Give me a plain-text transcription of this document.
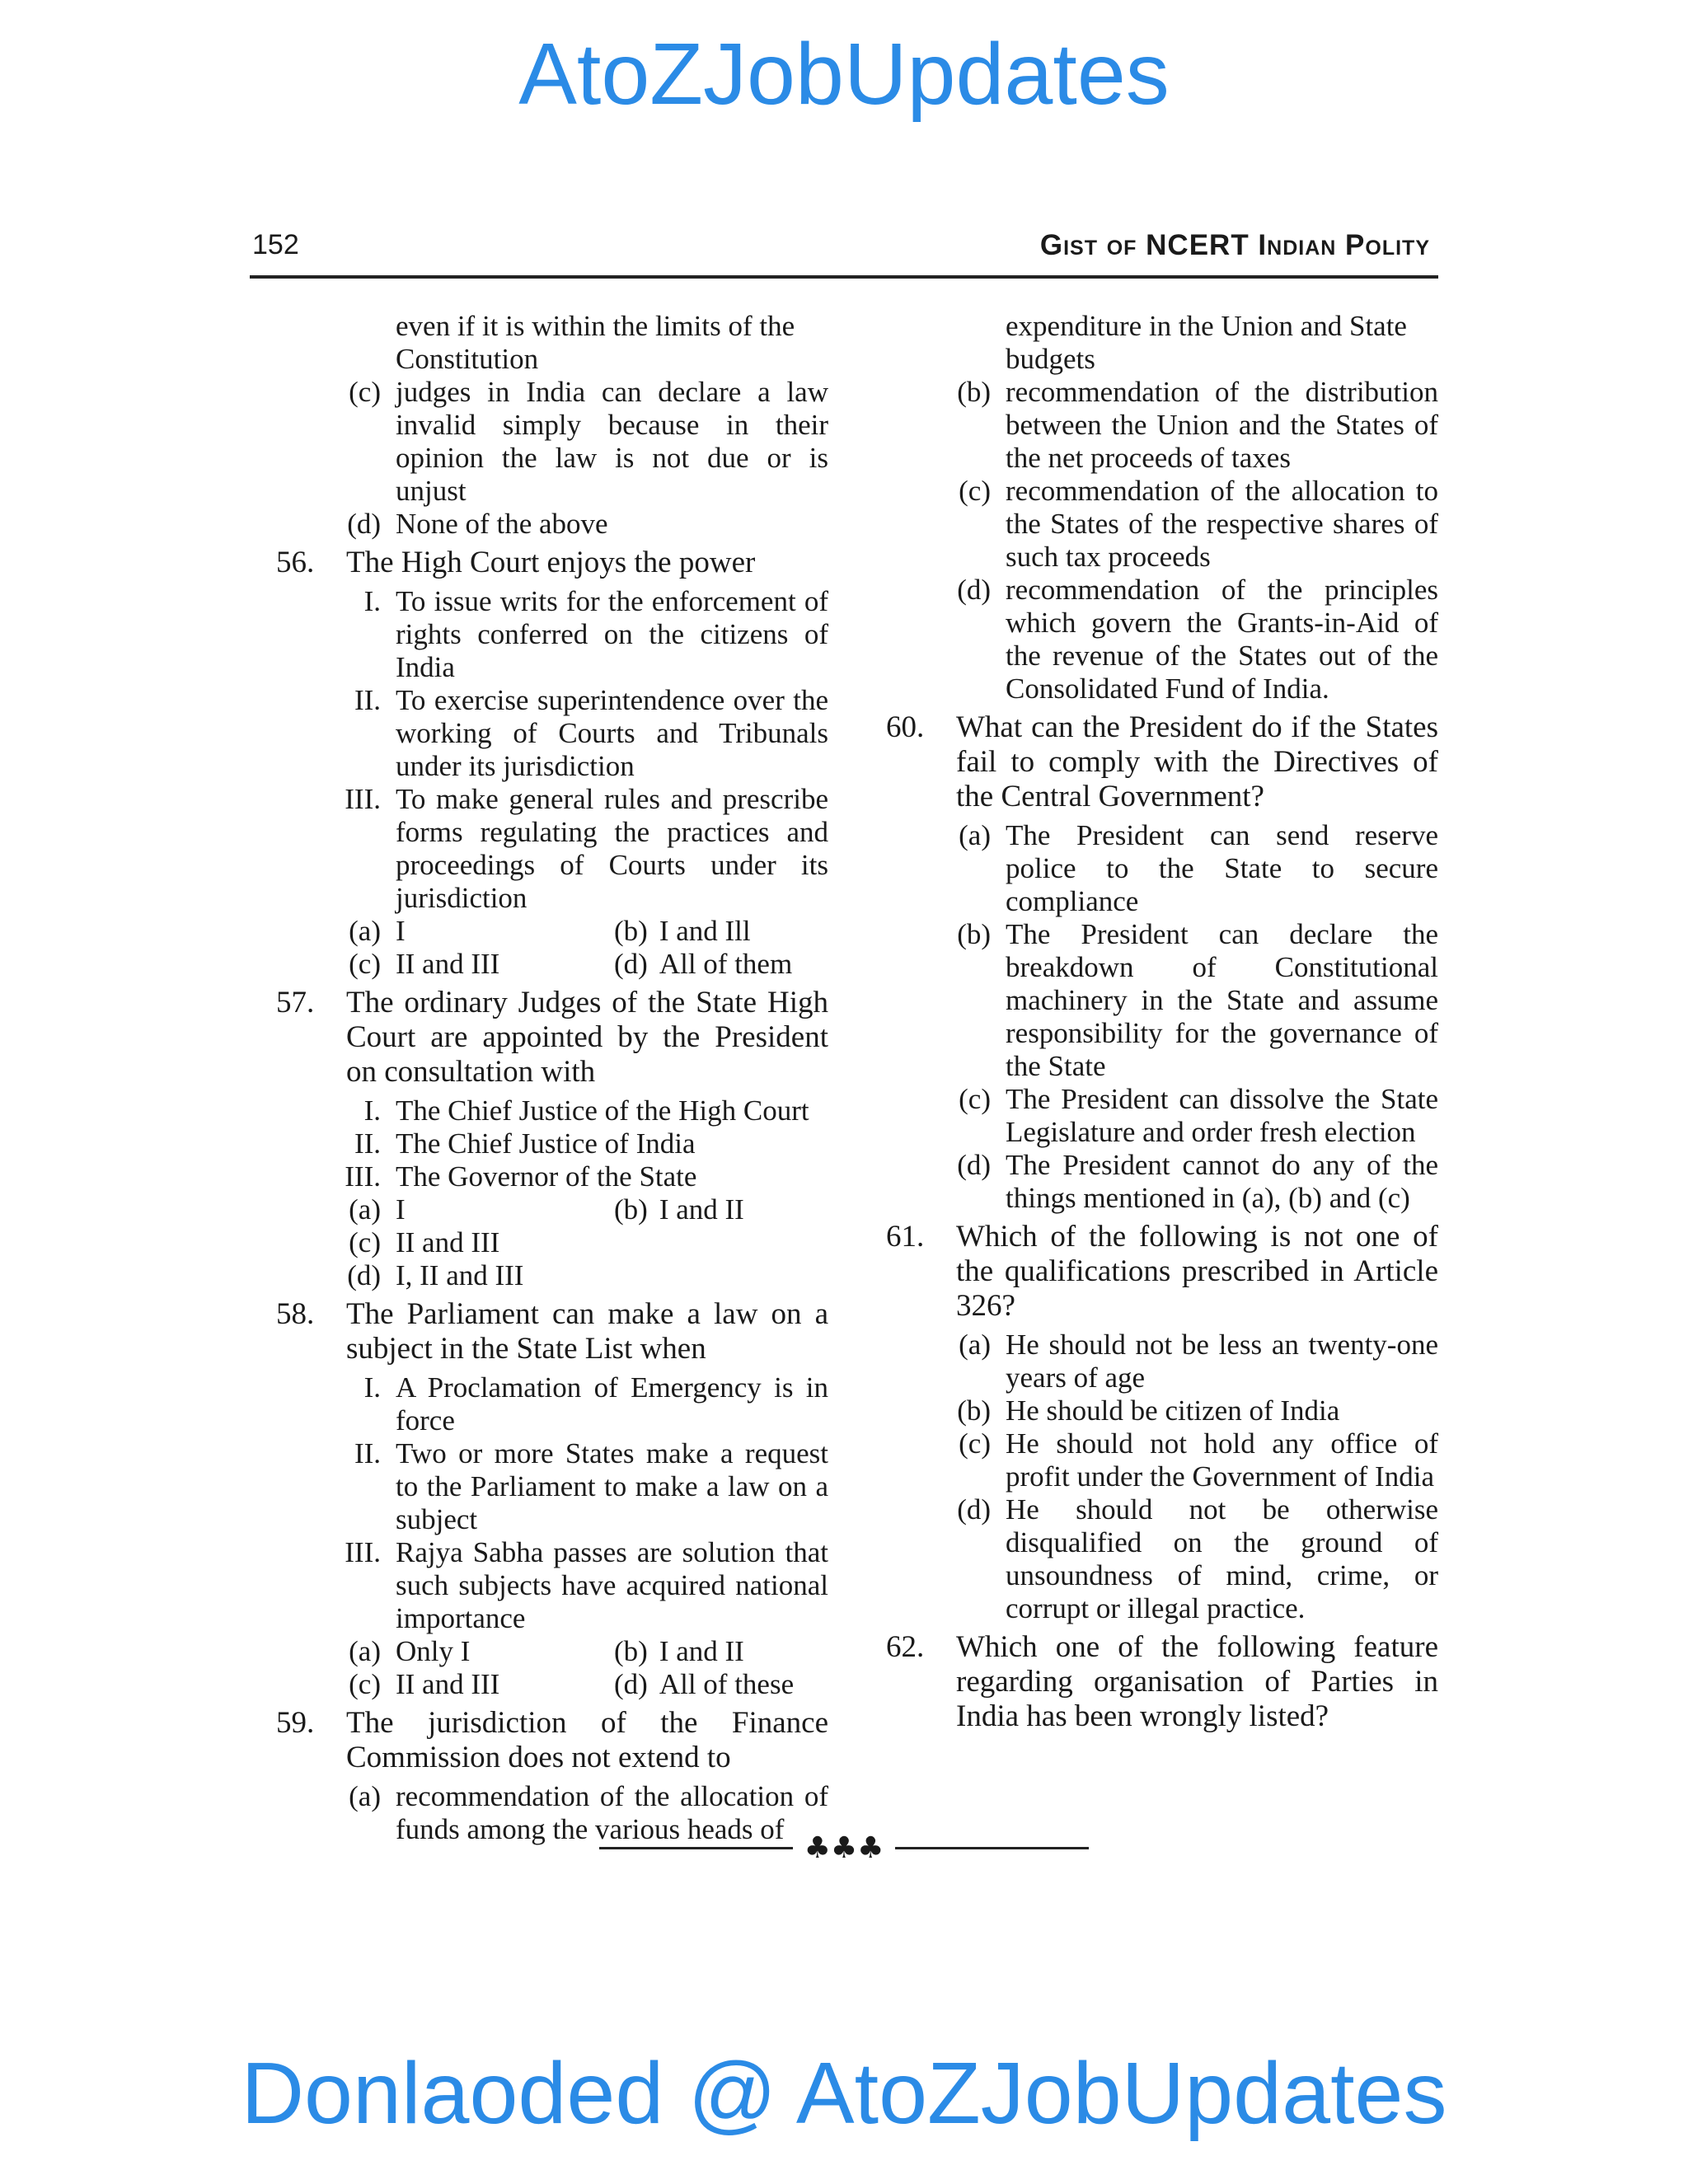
AtoZJobUpdates
152	Gist of NCERT Indian Polity
even if it is within the limits of the
Constitution
(c) judges in India can declare a law invalid simply because in their opinion the law is not due or is unjust
(d) None of the above
56.	The High Court enjoys the power
I. To issue writs for the enforcement of rights conferred on the citizens of India
II. To exercise superintendence over the working of Courts and Tribunals under its jurisdiction
III. To make general rules and prescribe forms regulating the practices and proceedings of Courts under its jurisdiction
(a) I	(b) I and Ill
(c) II and III	(d) All of them
57.	The ordinary Judges of the State High Court are appointed by the President on consultation with
I. The Chief Justice of the High Court
II. The Chief Justice of India
III. The Governor of the State
(a) I	(b) I and II
(c) II and III
(d) I, II and III
58.	The Parliament can make a law on a subject in the State List when
I. A Proclamation of Emergency is in force
II. Two or more States make a request to the Parliament to make a law on a subject
III. Rajya Sabha passes are solution that such subjects have acquired national importance
(a) Only I	(b) I and II
(c) II and III	(d) All of these
59.	The jurisdiction of the Finance Commission does not extend to
(a) recommendation of the allocation of funds among the various heads of
expenditure in the Union and State budgets
(b) recommendation of the distribution between the Union and the States of the net proceeds of taxes
(c) recommendation of the allocation to the States of the respective shares of such tax proceeds
(d) recommendation of the principles which govern the Grants-in-Aid of the revenue of the States out of the Consolidated Fund of India.
60.	What can the President do if the States fail to comply with the Directives of the Central Government?
(a) The President can send reserve police to the State to secure compliance
(b) The President can declare the breakdown of Constitutional machinery in the State and assume responsibility for the governance of the State
(c) The President can dissolve the State Legislature and order fresh election
(d) The President cannot do any of the things mentioned in (a), (b) and (c)
61.	Which of the following is not one of the qualifications prescribed in Article 326?
(a) He should not be less an twenty-one years of age
(b) He should be citizen of India
(c) He should not hold any office of profit under the Government of India
(d) He should not be otherwise disqualified on the ground of unsoundness of mind, crime, or corrupt or illegal practice.
62.	Which one of the following feature regarding organisation of Parties in India has been wrongly listed?
♣♣♣
Donlaoded @ AtoZJobUpdates
